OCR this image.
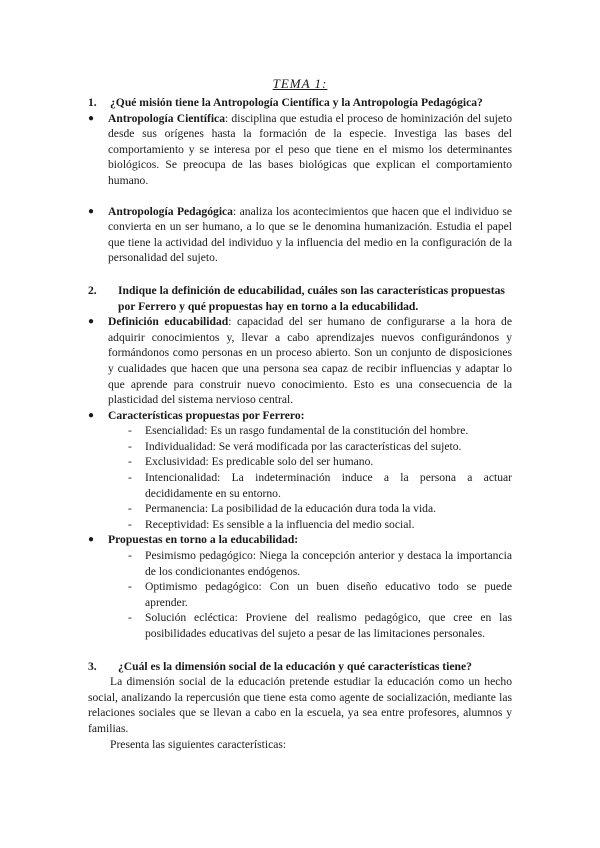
TEMA 1:
1.	¿Qué misión tiene la Antropología Científica y la Antropología Pedagógica?
●	Antropología Científica: disciplina que estudia el proceso de hominización del sujeto desde sus orígenes hasta la formación de la especie. Investiga las bases del comportamiento y se interesa por el peso que tiene en el mismo los determinantes biológicos. Se preocupa de las bases biológicas que explican el comportamiento humano.
●	Antropología Pedagógica: analiza los acontecimientos que hacen que el individuo se convierta en un ser humano, a lo que se le denomina humanización. Estudia el papel que tiene la actividad del individuo y la influencia del medio en la configuración de la personalidad del sujeto.
2.	Indique la definición de educabilidad, cuáles son las características propuestas por Ferrero y qué propuestas hay en torno a la educabilidad.
●	Definición educabilidad: capacidad del ser humano de configurarse a la hora de adquirir conocimientos y, llevar a cabo aprendizajes nuevos configurándonos y formándonos como personas en un proceso abierto. Son un conjunto de disposiciones y cualidades que hacen que una persona sea capaz de recibir influencias y adaptar lo que aprende para construir nuevo conocimiento. Esto es una consecuencia de la plasticidad del sistema nervioso central.
●	Características propuestas por Ferrero:
-	Esencialidad: Es un rasgo fundamental de la constitución del hombre.
-	Individualidad: Se verá modificada por las características del sujeto.
-	Exclusividad: Es predicable solo del ser humano.
-	Intencionalidad: La indeterminación induce a la persona a actuar decididamente en su entorno.
-	Permanencia: La posibilidad de la educación dura toda la vida.
-	Receptividad: Es sensible a la influencia del medio social.
●	Propuestas en torno a la educabilidad:
-	Pesimismo pedagógico: Niega la concepción anterior y destaca la importancia de los condicionantes endógenos.
-	Optimismo pedagógico: Con un buen diseño educativo todo se puede aprender.
-	Solución ecléctica: Proviene del realismo pedagógico, que cree en las posibilidades educativas del sujeto a pesar de las limitaciones personales.
3.	¿Cuál es la dimensión social de la educación y qué características tiene?

La dimensión social de la educación pretende estudiar la educación como un hecho social, analizando la repercusión que tiene esta como agente de socialización, mediante las relaciones sociales que se llevan a cabo en la escuela, ya sea entre profesores, alumnos y familias.

Presenta las siguientes características:
